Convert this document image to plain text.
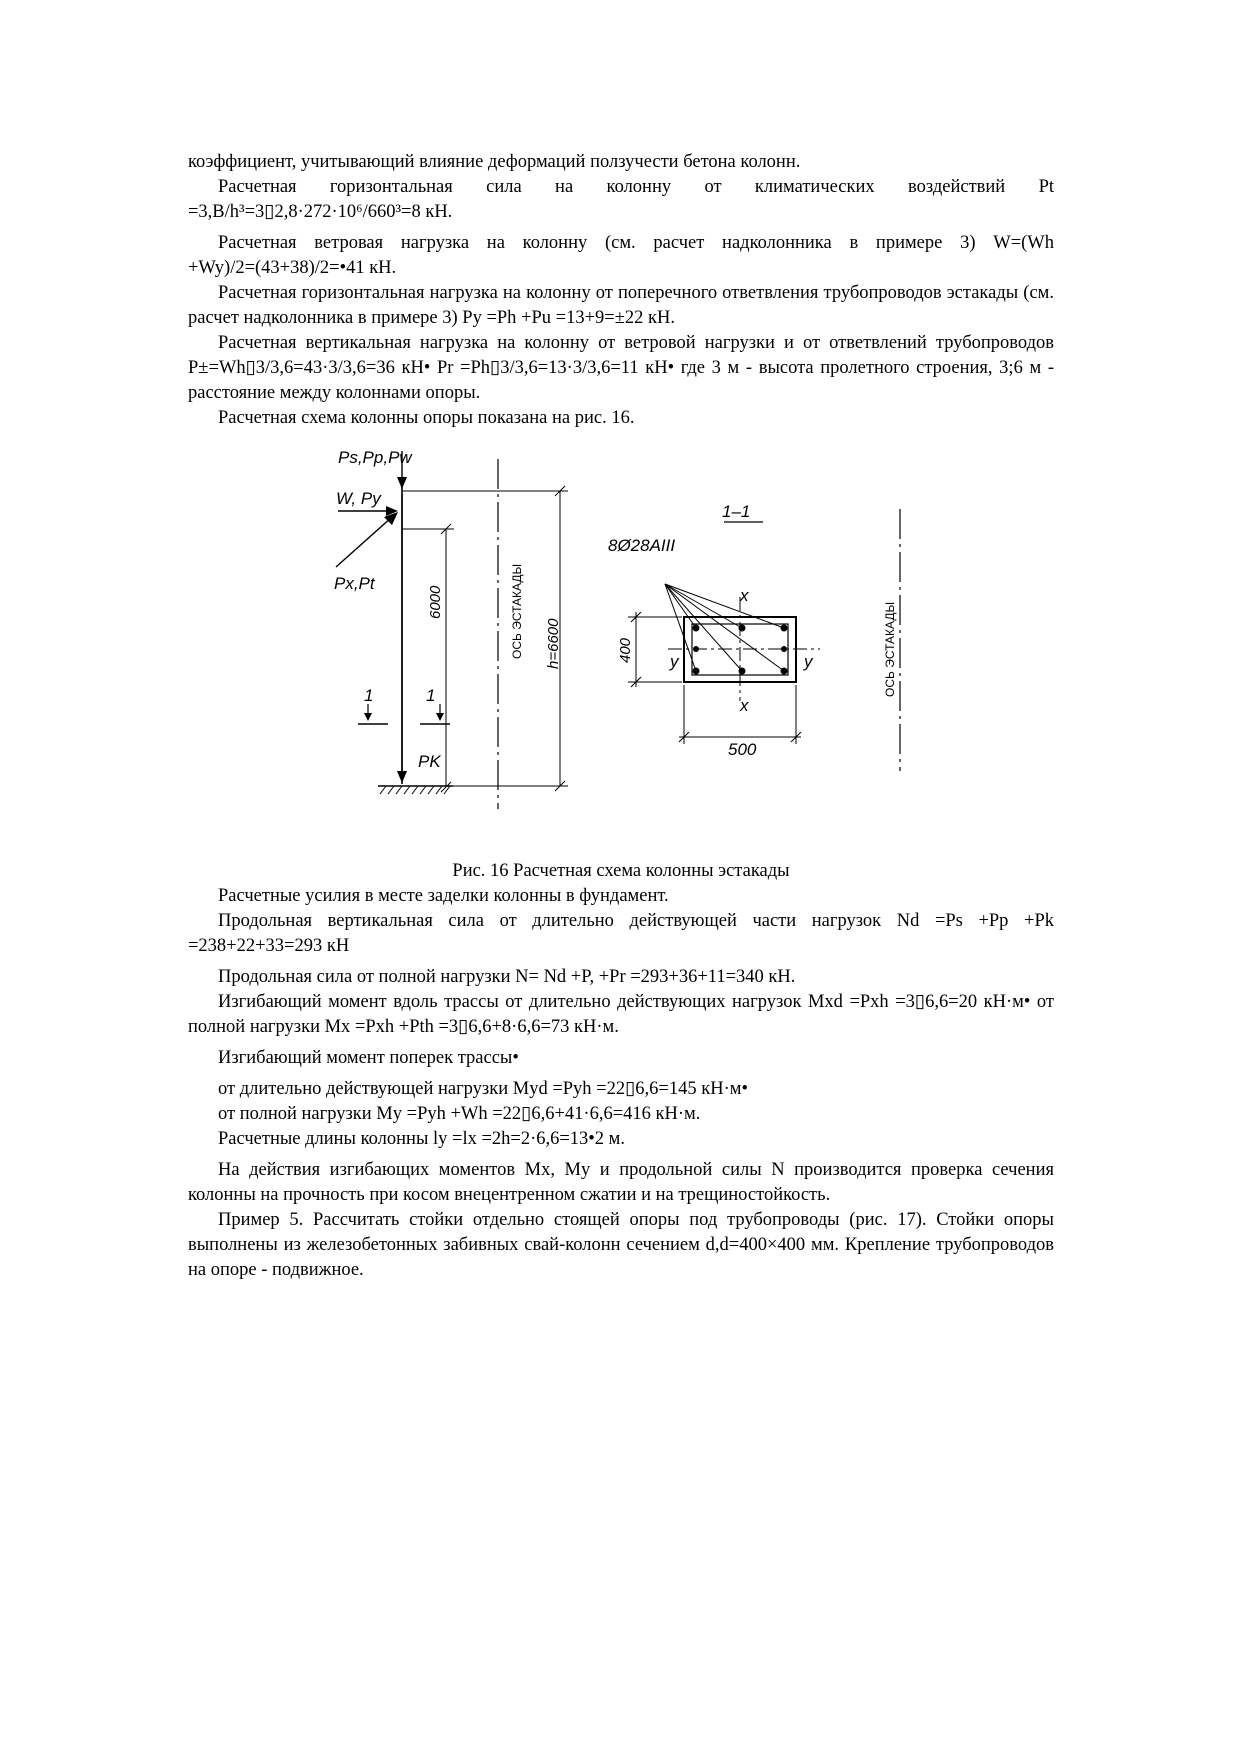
коэффициент, учитывающий влияние деформаций ползучести бетона колонн.

Расчетная горизонтальная сила на колонну от климатических воздействий Pt

=3,B/h³=3▯2,8·272·10⁶/660³=8 кН.

Расчетная ветровая нагрузка на колонну (см. расчет надколонника в примере 3) W=(Wh

+Wy)/2=(43+38)/2=•41 кН.

Расчетная горизонтальная нагрузка на колонну от поперечного ответвления трубопроводов эстакады (см. расчет надколонника в примере 3) Py =Ph +Pu =13+9=±22 кН.

Расчетная вертикальная нагрузка на колонну от ветровой нагрузки и от ответвлений трубопроводов P±=Wh▯3/3,6=43·3/3,6=36 кН• Pr =Ph▯3/3,6=13·3/3,6=11 кН• где 3 м - высота пролетного строения, 3;6 м - расстояние между колоннами опоры.

Расчетная схема колонны опоры показана на рис. 16.

Ps,Pp,Pw
W, Py
Px,Pt
1	1
PK
1–1
8Ø28AIII
x
x
y	y
500
6000	ОСЬ ЭСТАКАДЫ h=6600	400	ОСЬ ЭСТАКАДЫ

Рис. 16 Расчетная схема колонны эстакады

Расчетные усилия в месте заделки колонны в фундамент.

Продольная вертикальная сила от длительно действующей части нагрузок Nd =Ps +Pp +Pk

=238+22+33=293 кН

Продольная сила от полной нагрузки N= Nd +P, +Pr =293+36+11=340 кН.

Изгибающий момент вдоль трассы от длительно действующих нагрузок Mxd =Pxh =3▯6,6=20 кН·м• от полной нагрузки Mx =Pxh +Pth =3▯6,6+8·6,6=73 кН·м.

Изгибающий момент поперек трассы•

от длительно действующей нагрузки Myd =Pyh =22▯6,6=145 кН·м•

от полной нагрузки My =Pyh +Wh =22▯6,6+41·6,6=416 кН·м.

Расчетные длины колонны ly =lx =2h=2·6,6=13•2 м.

На действия изгибающих моментов Mx, My и продольной силы N производится проверка сечения колонны на прочность при косом внецентренном сжатии и на трещиностойкость.

Пример 5. Рассчитать стойки отдельно стоящей опоры под трубопроводы (рис. 17). Стойки опоры выполнены из железобетонных забивных свай-колонн сечением d,d=400×400 мм. Крепление трубопроводов на опоре - подвижное.
